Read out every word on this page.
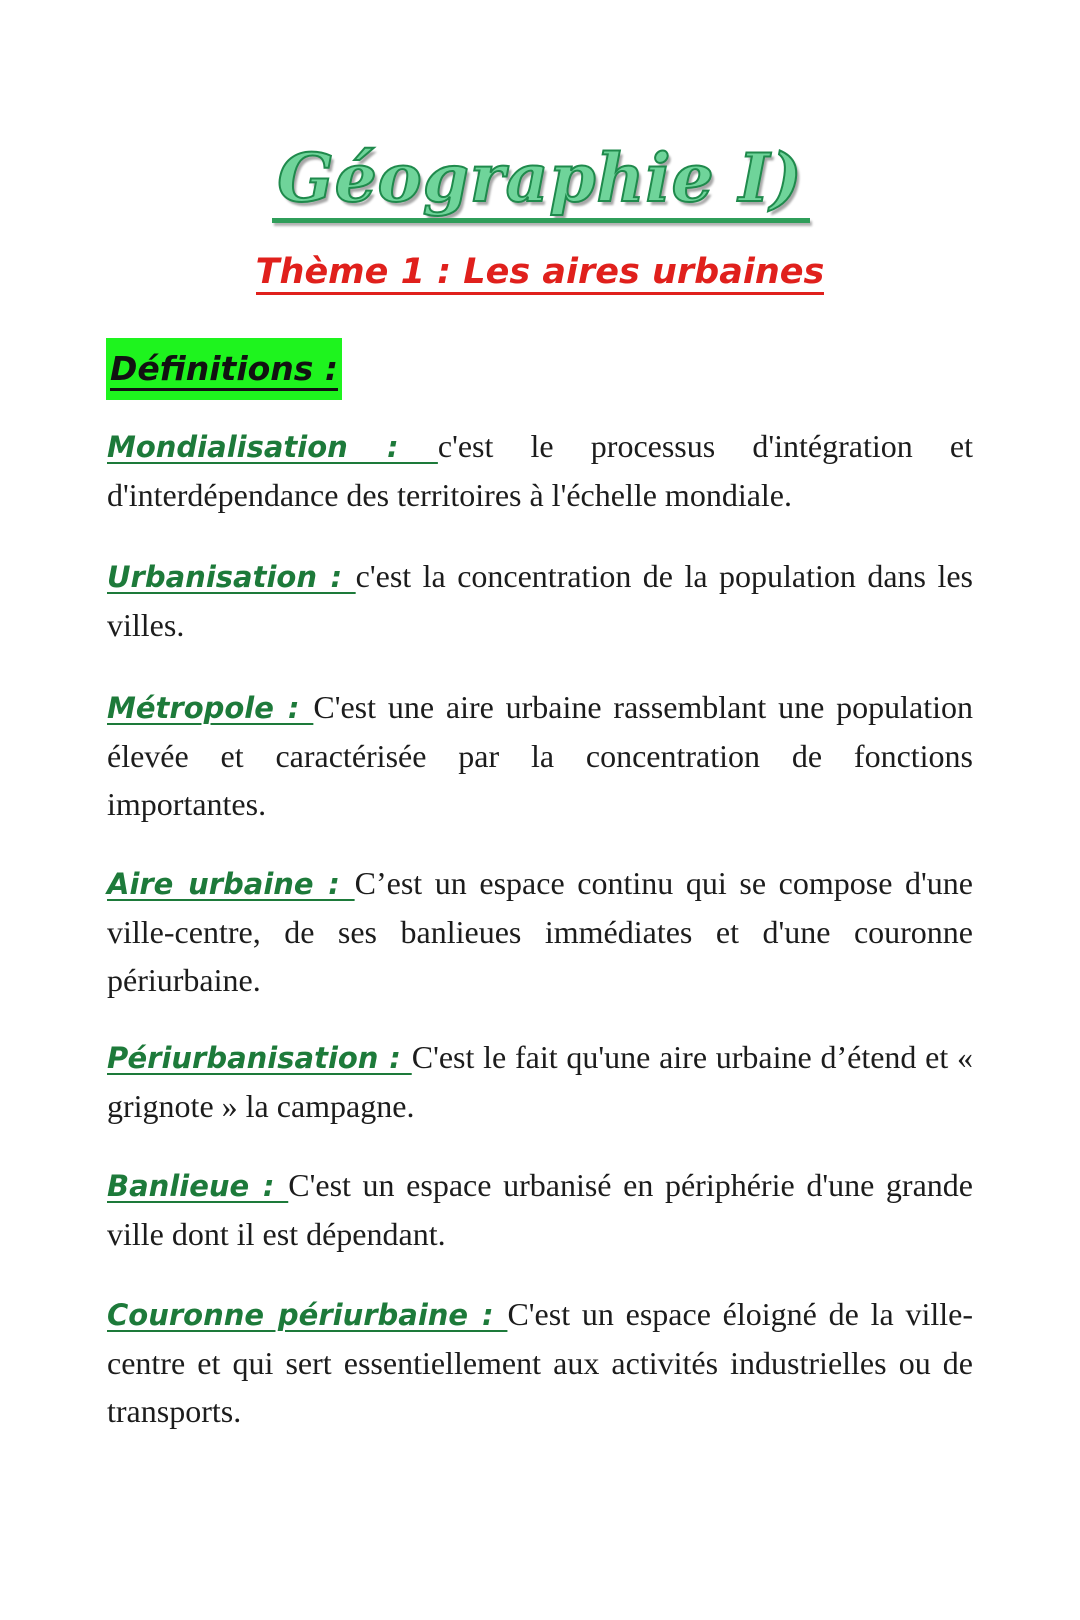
Géographie I)
Thème 1 : Les aires urbaines
Définitions :

Mondialisation : c'est le processus d'intégration et d'interdépendance des territoires à l'échelle mondiale.

Urbanisation : c'est la concentration de la population dans les villes.

Métropole : C'est une aire urbaine rassemblant une population élevée et caractérisée par la concentration de fonctions importantes.

Aire urbaine : C’est un espace continu qui se compose d'une ville-centre, de ses banlieues immédiates et d'une couronne périurbaine.

Périurbanisation : C'est le fait qu'une aire urbaine d’étend et « grignote » la campagne.

Banlieue : C'est un espace urbanisé en périphérie d'une grande ville dont il est dépendant.

Couronne périurbaine : C'est un espace éloigné de la ville-centre et qui sert essentiellement aux activités industrielles ou de transports.
